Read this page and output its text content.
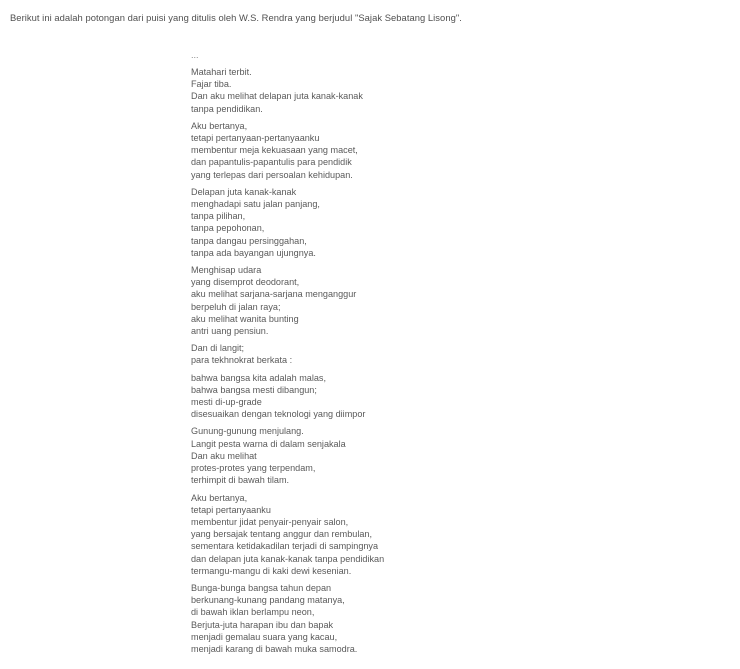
Berikut ini adalah potongan dari puisi yang ditulis oleh W.S. Rendra yang berjudul "Sajak Sebatang Lisong".
...
Matahari terbit.
Fajar tiba.
Dan aku melihat delapan juta kanak-kanak
tanpa pendidikan.
Aku bertanya,
tetapi pertanyaan-pertanyaanku
membentur meja kekuasaan yang macet,
dan papantulis-papantulis para pendidik
yang terlepas dari persoalan kehidupan.
Delapan juta kanak-kanak
menghadapi satu jalan panjang,
tanpa pilihan,
tanpa pepohonan,
tanpa dangau persinggahan,
tanpa ada bayangan ujungnya.
Menghisap udara
yang disemprot deodorant,
aku melihat sarjana-sarjana menganggur
berpeluh di jalan raya;
aku melihat wanita bunting
antri uang pensiun.
Dan di langit;
para tekhnokrat berkata :
bahwa bangsa kita adalah malas,
bahwa bangsa mesti dibangun;
mesti di-up-grade
disesuaikan dengan teknologi yang diimpor
Gunung-gunung menjulang.
Langit pesta warna di dalam senjakala
Dan aku melihat
protes-protes yang terpendam,
terhimpit di bawah tilam.
Aku bertanya,
tetapi pertanyaanku
membentur jidat penyair-penyair salon,
yang bersajak tentang anggur dan rembulan,
sementara ketidakadilan terjadi di sampingnya
dan delapan juta kanak-kanak tanpa pendidikan
termangu-mangu di kaki dewi kesenian.
Bunga-bunga bangsa tahun depan
berkunang-kunang pandang matanya,
di bawah iklan berlampu neon,
Berjuta-juta harapan ibu dan bapak
menjadi gemalau suara yang kacau,
menjadi karang di bawah muka samodra.
